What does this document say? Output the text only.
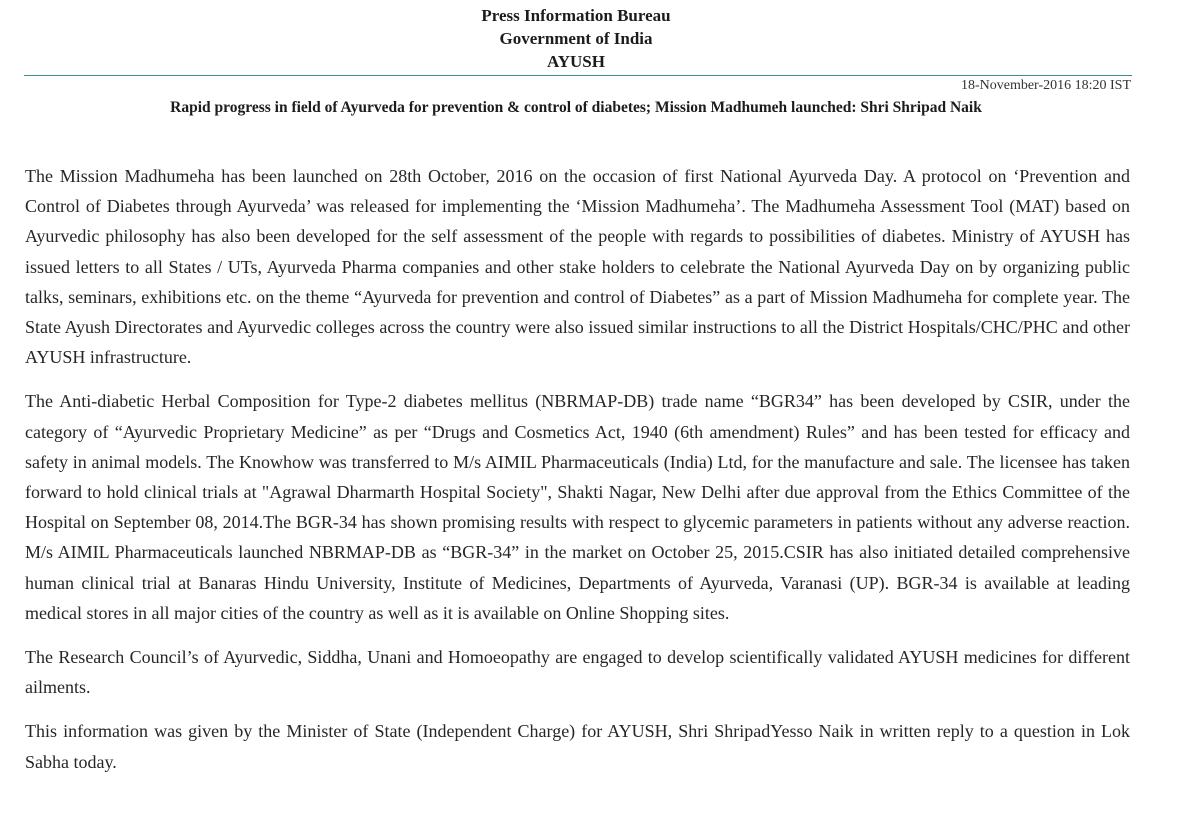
Press Information Bureau
Government of India
AYUSH
18-November-2016 18:20 IST
Rapid progress in field of Ayurveda for prevention & control of diabetes; Mission Madhumeh launched: Shri Shripad Naik

The Mission Madhumeha has been launched on 28th October, 2016 on the occasion of first National Ayurveda Day. A protocol on ‘Prevention and Control of Diabetes through Ayurveda’ was released for implementing the ‘Mission Madhumeha’. The Madhumeha Assessment Tool (MAT) based on Ayurvedic philosophy has also been developed for the self assessment of the people with regards to possibilities of diabetes. Ministry of AYUSH has issued letters to all States / UTs, Ayurveda Pharma companies and other stake holders to celebrate the National Ayurveda Day on by organizing public talks, seminars, exhibitions etc. on the theme “Ayurveda for prevention and control of Diabetes” as a part of Mission Madhumeha for complete year. The State Ayush Directorates and Ayurvedic colleges across the country were also issued similar instructions to all the District Hospitals/CHC/PHC and other AYUSH infrastructure.

The Anti-diabetic Herbal Composition for Type-2 diabetes mellitus (NBRMAP-DB) trade name “BGR34” has been developed by CSIR, under the category of “Ayurvedic Proprietary Medicine” as per “Drugs and Cosmetics Act, 1940 (6th amendment) Rules” and has been tested for efficacy and safety in animal models. The Knowhow was transferred to M/s AIMIL Pharmaceuticals (India) Ltd, for the manufacture and sale. The licensee has taken forward to hold clinical trials at "Agrawal Dharmarth Hospital Society", Shakti Nagar, New Delhi after due approval from the Ethics Committee of the Hospital on September 08, 2014.The BGR-34 has shown promising results with respect to glycemic parameters in patients without any adverse reaction. M/s AIMIL Pharmaceuticals launched NBRMAP-DB as “BGR-34” in the market on October 25, 2015.CSIR has also initiated detailed comprehensive human clinical trial at Banaras Hindu University, Institute of Medicines, Departments of Ayurveda, Varanasi (UP). BGR-34 is available at leading medical stores in all major cities of the country as well as it is available on Online Shopping sites.

The Research Council’s of Ayurvedic, Siddha, Unani and Homoeopathy are engaged to develop scientifically validated AYUSH medicines for different ailments.

This information was given by the Minister of State (Independent Charge) for AYUSH, Shri ShripadYesso Naik in written reply to a question in Lok Sabha today.
